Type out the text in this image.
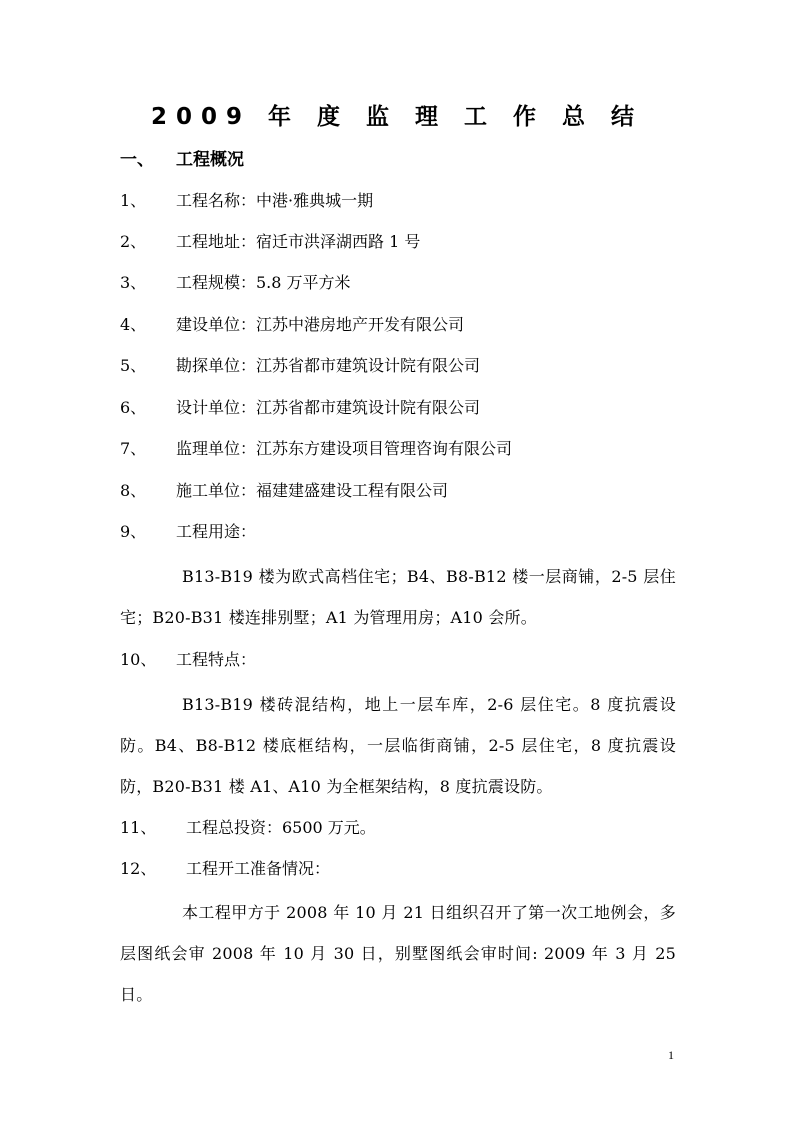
2009 年 度 监 理 工 作 总 结
一、 工程概况
1、 工程名称：中港·雅典城一期
2、 工程地址：宿迁市洪泽湖西路 1 号
3、 工程规模：5.8 万平方米
4、 建设单位：江苏中港房地产开发有限公司
5、 勘探单位：江苏省都市建筑设计院有限公司
6、 设计单位：江苏省都市建筑设计院有限公司
7、 监理单位：江苏东方建设项目管理咨询有限公司
8、 施工单位：福建建盛建设工程有限公司
9、 工程用途：
B13-B19 楼为欧式高档住宅；B4、B8-B12 楼一层商铺，2-5 层住宅；B20-B31 楼连排别墅；A1 为管理用房；A10 会所。
10、 工程特点：
B13-B19 楼砖混结构，地上一层车库，2-6 层住宅。8 度抗震设防。B4、B8-B12 楼底框结构，一层临街商铺，2-5 层住宅，8 度抗震设防，B20-B31 楼 A1、A10 为全框架结构，8 度抗震设防。
11、 工程总投资：6500 万元。
12、 工程开工准备情况：
本工程甲方于 2008 年 10 月 21 日组织召开了第一次工地例会，多层图纸会审 2008 年 10 月 30 日，别墅图纸会审时间: 2009 年 3 月 25 日。
1
